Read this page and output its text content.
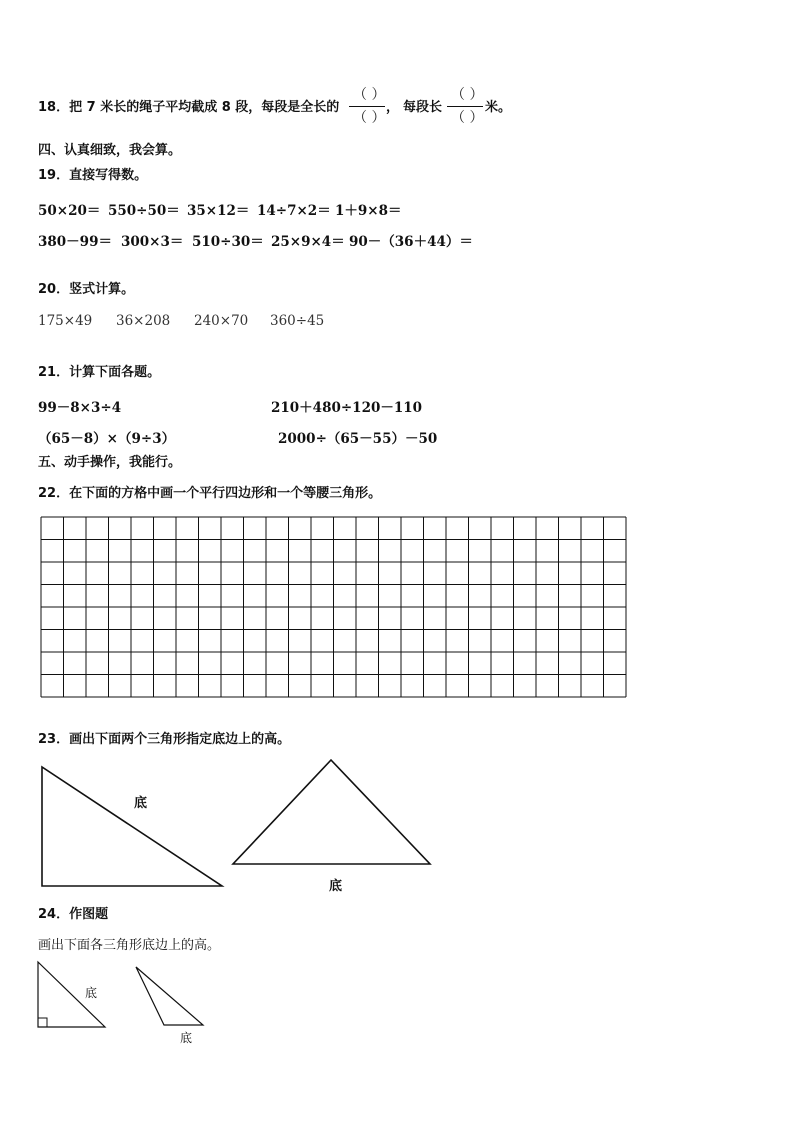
18．把 7 米长的绳子平均截成 8 段，每段是全长的
（ ）
（ ）
， 每段长
（ ）
（ ）
米。
四、认真细致，我会算。
19．直接写得数。
50×20＝ 550÷50＝ 35×12＝ 14÷7×2＝ 1＋9×8＝
380－99＝ 300×3＝ 510÷30＝ 25×9×4＝ 90－（36＋44）＝
20．竖式计算。
175×49 36×208 240×70 360÷45
21．计算下面各题。
99－8×3÷4	210＋480÷120－110
（65－8）×（9÷3）	2000÷（65－55）－50
五、动手操作，我能行。
22．在下面的方格中画一个平行四边形和一个等腰三角形。
23．画出下面两个三角形指定底边上的高。
底
底
24．作图题
画出下面各三角形底边上的高。
底
底
